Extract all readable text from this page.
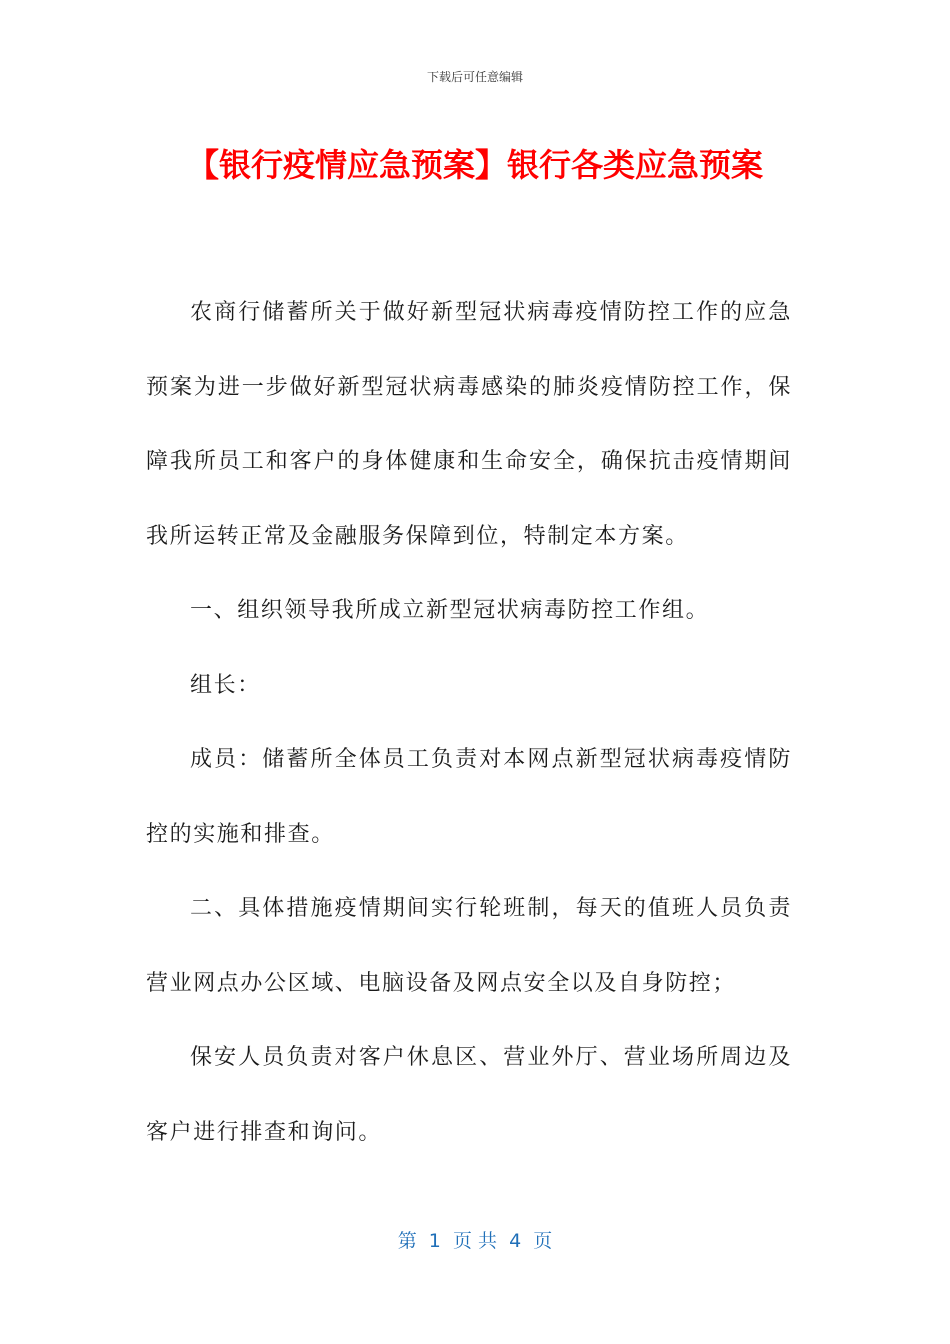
下载后可任意编辑
【银行疫情应急预案】银行各类应急预案

农商行储蓄所关于做好新型冠状病毒疫情防控工作的应急预案为进一步做好新型冠状病毒感染的肺炎疫情防控工作，保障我所员工和客户的身体健康和生命安全，确保抗击疫情期间我所运转正常及金融服务保障到位，特制定本方案。

一、组织领导我所成立新型冠状病毒防控工作组。

组长：

成员：储蓄所全体员工负责对本网点新型冠状病毒疫情防控的实施和排查。

二、具体措施疫情期间实行轮班制，每天的值班人员负责营业网点办公区域、电脑设备及网点安全以及自身防控；

保安人员负责对客户休息区、营业外厅、营业场所周边及客户进行排查和询问。

第  1  页 共  4  页
